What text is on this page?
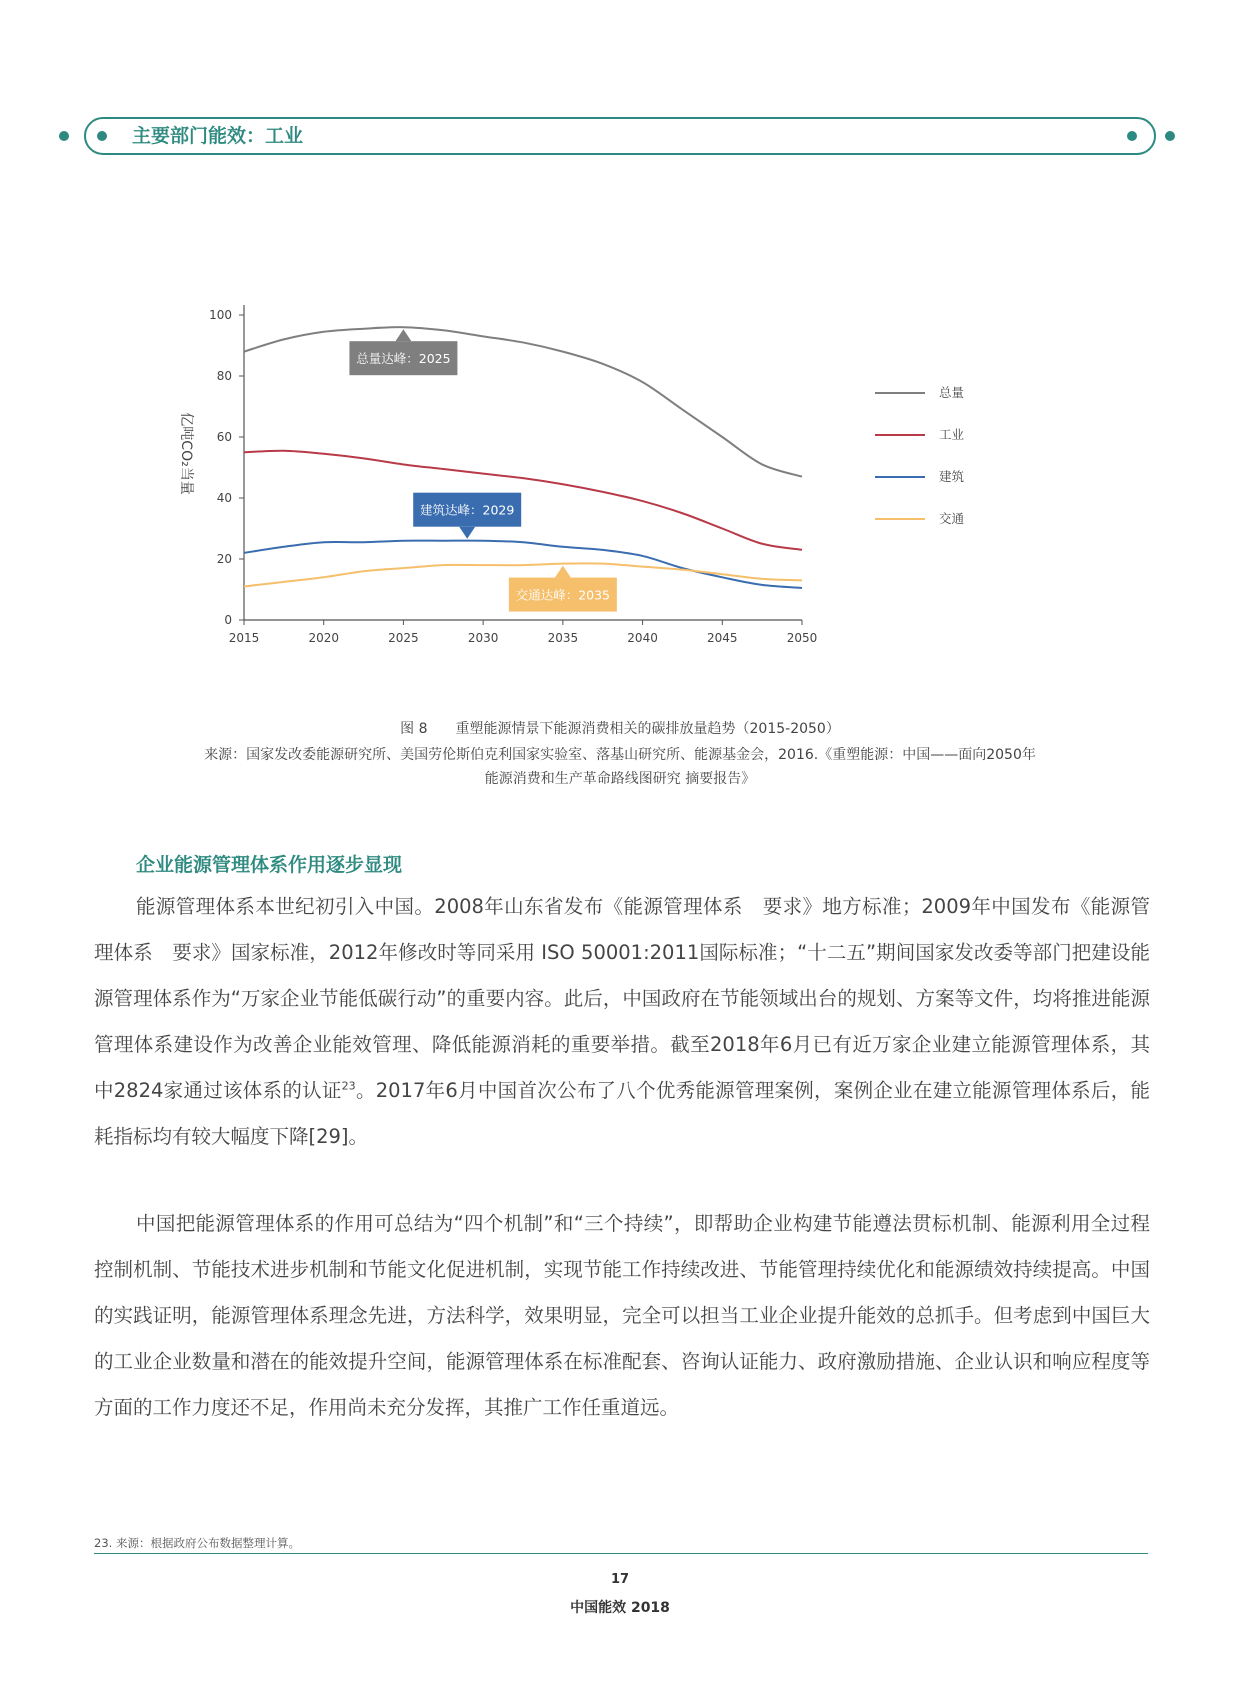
主要部门能效：工业
0
20
40
60
80
100
2015	2020	2025	2030	2035	2040	2045	2050
亿吨CO₂当量
总量达峰：2025
建筑达峰：2029
交通达峰：2035
总量
工业
建筑
交通
图 8　　重塑能源情景下能源消费相关的碳排放量趋势（2015-2050）
来源：国家发改委能源研究所、美国劳伦斯伯克利国家实验室、落基山研究所、能源基金会，2016.《重塑能源：中国——面向2050年
能源消费和生产革命路线图研究 摘要报告》
企业能源管理体系作用逐步显现

能源管理体系本世纪初引入中国。2008年山东省发布《能源管理体系　要求》地方标准；2009年中国发布《能源管理体系　要求》国家标准，2012年修改时等同采用 ISO 50001:2011国际标准；“十二五”期间国家发改委等部门把建设能源管理体系作为“万家企业节能低碳行动”的重要内容。此后，中国政府在节能领域出台的规划、方案等文件，均将推进能源管理体系建设作为改善企业能效管理、降低能源消耗的重要举措。截至2018年6月已有近万家企业建立能源管理体系，其中2824家通过该体系的认证$^{23}$。2017年6月中国首次公布了八个优秀能源管理案例，案例企业在建立能源管理体系后，能耗指标均有较大幅度下降[29]。

中国把能源管理体系的作用可总结为“四个机制”和“三个持续”，即帮助企业构建节能遵法贯标机制、能源利用全过程控制机制、节能技术进步机制和节能文化促进机制，实现节能工作持续改进、节能管理持续优化和能源绩效持续提高。中国的实践证明，能源管理体系理念先进，方法科学，效果明显，完全可以担当工业企业提升能效的总抓手。但考虑到中国巨大的工业企业数量和潜在的能效提升空间，能源管理体系在标准配套、咨询认证能力、政府激励措施、企业认识和响应程度等方面的工作力度还不足，作用尚未充分发挥，其推广工作任重道远。

23. 来源：根据政府公布数据整理计算。
17
中国能效 2018
